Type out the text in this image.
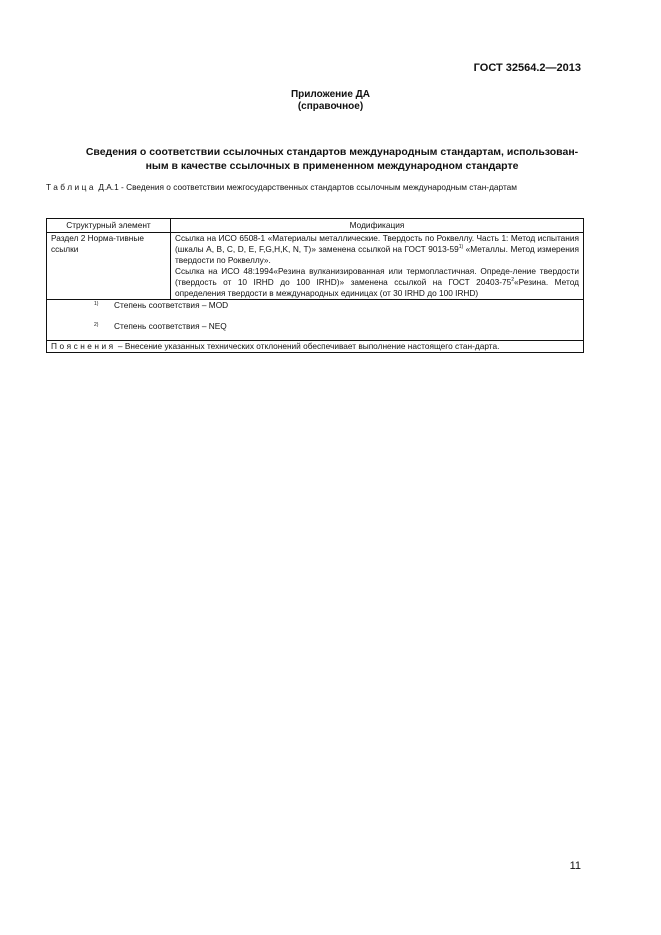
ГОСТ 32564.2—2013
Приложение ДА
(справочное)
Сведения о соответствии ссылочных стандартов международным стандартам, использован-
ным в качестве ссылочных в примененном международном стандарте
Таблица Д.А.1 - Сведения о соответствии межгосударственных стандартов ссылочным международным стан-дартам
Структурный элемент	Модификация
Раздел 2 Норма-тивные ссылки	Ссылка на ИСО 6508-1 «Материалы металлические. Твердость по Роквеллу. Часть 1: Метод испытания (шкалы A, B, C, D, E, F,G,H,K, N, T)» заменена ссылкой на ГОСТ 9013-59$^{1)}$ «Металлы. Метод измерения твердости по Роквеллу».
Ссылка на ИСО 48:1994«Резина вулканизированная или термопластичная. Опреде-ление твердости (твердость от 10 IRHD до 100 IRHD)» заменена ссылкой на ГОСТ $20403-75^2«Резина$. Метод определения твердости в международных единицах (от 30 IRHD до 100 IRHD)

1) Степень соответствия – MOD
2) Степень соответствия – NEQ	

Пояснения – Внесение указанных технических отклонений обеспечивает выполнение настоящего стан-дарта.	
11
